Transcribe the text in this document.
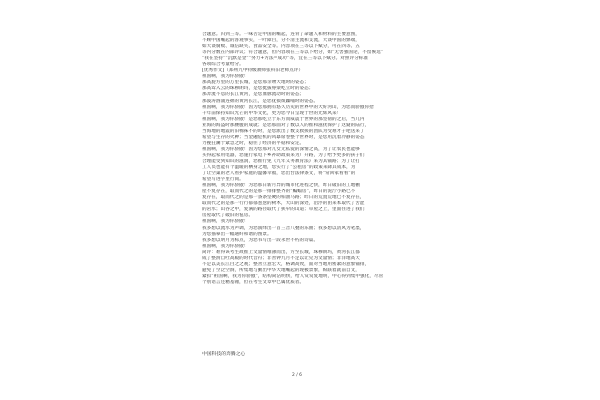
合题意。归到三等。一味否定中国的崛起，连背了命题人和材料的主要意图，
不顾中国崛起的客观事实，一叶障目，分不清主流和支流，大谈中国的弊端，
如大谈腐败、诚信缺失、食品安全等。内容项在三等以下赋分，可在四等、五
等内分数在内部评议；符合题意，但内容项在三等以下给分，如“无害强国论，不留候选”
“我在坚持”“沉默是金”“努力+方法=成功”等，宜在三等以下赋分。对照评分标准
各项综合考量给分。
[优秀作文]（郑州九中特级教师张科旧老师点评）
祖国啊，我为你骄傲！
那高旋方里的万里长城，是您那亲吻大地时的姿态；
那高耸入云的珠穆朗玛，是您挺拔脊梁屹立时的姿态；
那奔流不息的长江黄河，是您血脉流动时的姿态；
那波涛汹涌连绵的黄河长江，是您抚摸烦躁哺时的姿态。
祖国啊，我为你骄傲！因为您那拥有悠久历史的世界中的大好河山，为您而骄傲你拾
千年前保持知识光芒的中华文化，更为您今日呈现于世的光辉风采！
祖国啊，我为你骄傲！是您那屹立于东方而威震于世界的那坚韧的之后，当几内
亚海的海盗时那腰腹的成就；是您那面对了数以人的推和滋扰保护了这疑的陆行，
当海地的地震的旧棉袜不的时，是您派出了数支救援的团队为受难才子吧送来了
希望与生存的火种；当金融危机的风暴席卷整个世界时，是您用沉着冷静的姿态
力挽狂澜于紧急之时，稳住了经济的平稳和安定。
祖国啊，我为你骄傲！因为您那对儿女无私爱的深情之高，为了让农民也能够
买得起家用电器，您施行家电下乡补助政策来为广开路，为了给予更多的孩子们
合理能受到知识的滋润，您推行免《九年义务教育法》来为其铺路；为了让打
工人员也能有个温暖的栖身之地，您实行了“公租房”的政策来降其成本，为
了让空巢的老人看护家庭的温馨幸福，您出台法律条文，将“常回家看看”的
希望写进字里行间。
祖国啊，我为你骄傲！为您那日新月异的城市化进程之快，昨日破旧的工地棚
屋不复存在，取而代之的是那一排排整齐的“蝙蝠房”，昨日的泥泞小路已不
复存在，取而代之的是那一条条坚硬的柏油马路；昨日的荒置荒地已不复存在，
取而代之的是那一行行郁郁葱葱的树木，大山的深处，沿浮的由来本取代了苦涩
的岩水；山谷之中，复满的路径取代了狭窄的山道；草屋之上，里面住进了我们
房屋取代了破旧的毡房。
祖国啊，我为你骄傲！
我多想以流水为声调，为您演绎出一首三音八叠的乐曲；我多想以清风为笔墨，
为您描摹出一幅通纤和谐的图景。
我多想以明月为标点，为您书写出一段永世不朽的诗篇。
祖国啊，我为你骄傲！
简评：难得该考生故推上文量情唯薄而出，方至长城，珠穆朗玛，黄河长江都
成了整滑自吐高殿的时代音符；非善钟九月不足以让兑为文量情；非洋地高天
不足以美长江白之之观；整善立意宏大，格调高致，面对当地用密紧的意象铺排，
避免了空泛空洞，所集地与勤出中华大地崛起的现极景象，纵联着就前自文，
紧扣“祖国啊，我为你骄傲”，结构简洁明快，给人赏赏复地明，中心得到集中强化，尽管
个别语言还精基锤，但在考生文章中已属优质者。
中国科技的奔腾之心
2 / 6
